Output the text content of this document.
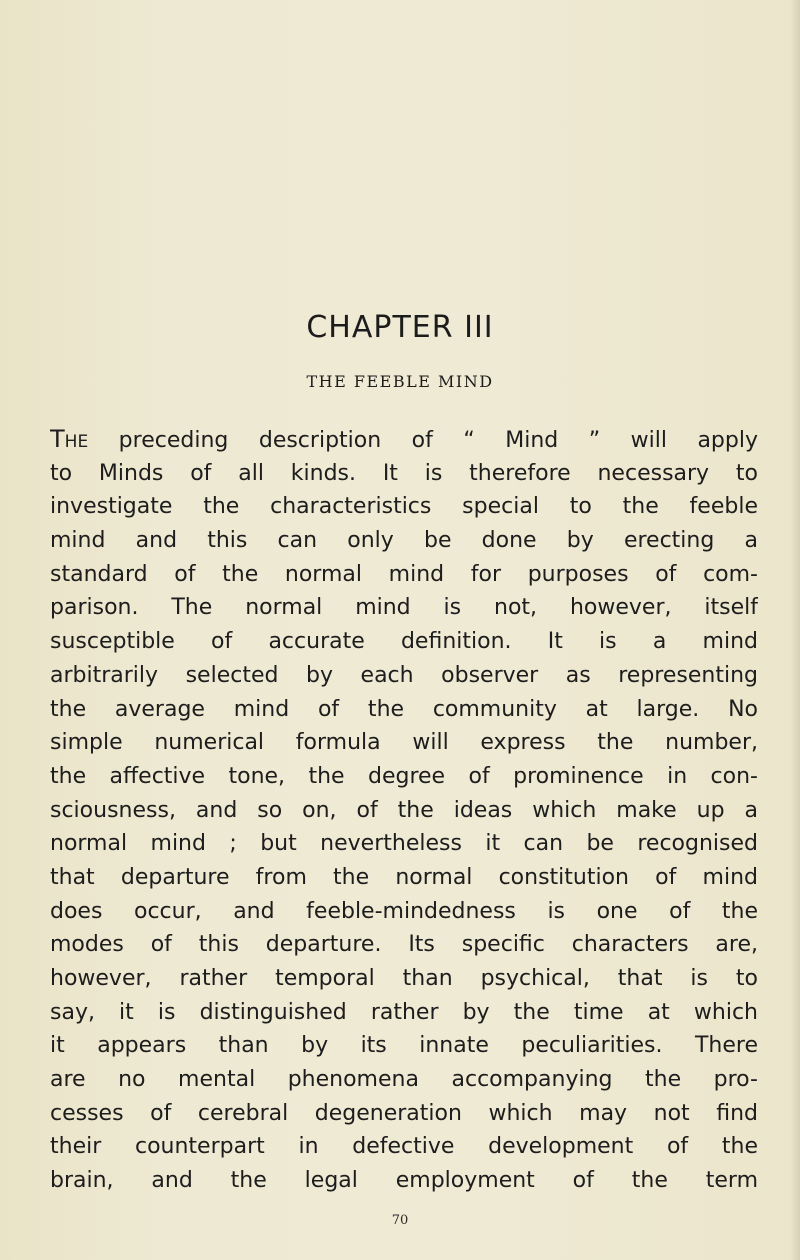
CHAPTER III
THE FEEBLE MIND
The preceding description of “ Mind ” will apply
to Minds of all kinds. It is therefore necessary to
investigate the characteristics special to the feeble
mind and this can only be done by erecting a
standard of the normal mind for purposes of com-
parison. The normal mind is not, however, itself
susceptible of accurate definition. It is a mind
arbitrarily selected by each observer as representing
the average mind of the community at large. No
simple numerical formula will express the number,
the affective tone, the degree of prominence in con-
sciousness, and so on, of the ideas which make up a
normal mind ; but nevertheless it can be recognised
that departure from the normal constitution of mind
does occur, and feeble-mindedness is one of the
modes of this departure. Its specific characters are,
however, rather temporal than psychical, that is to
say, it is distinguished rather by the time at which
it appears than by its innate peculiarities. There
are no mental phenomena accompanying the pro-
cesses of cerebral degeneration which may not find
their counterpart in defective development of the
brain, and the legal employment of the term
70
